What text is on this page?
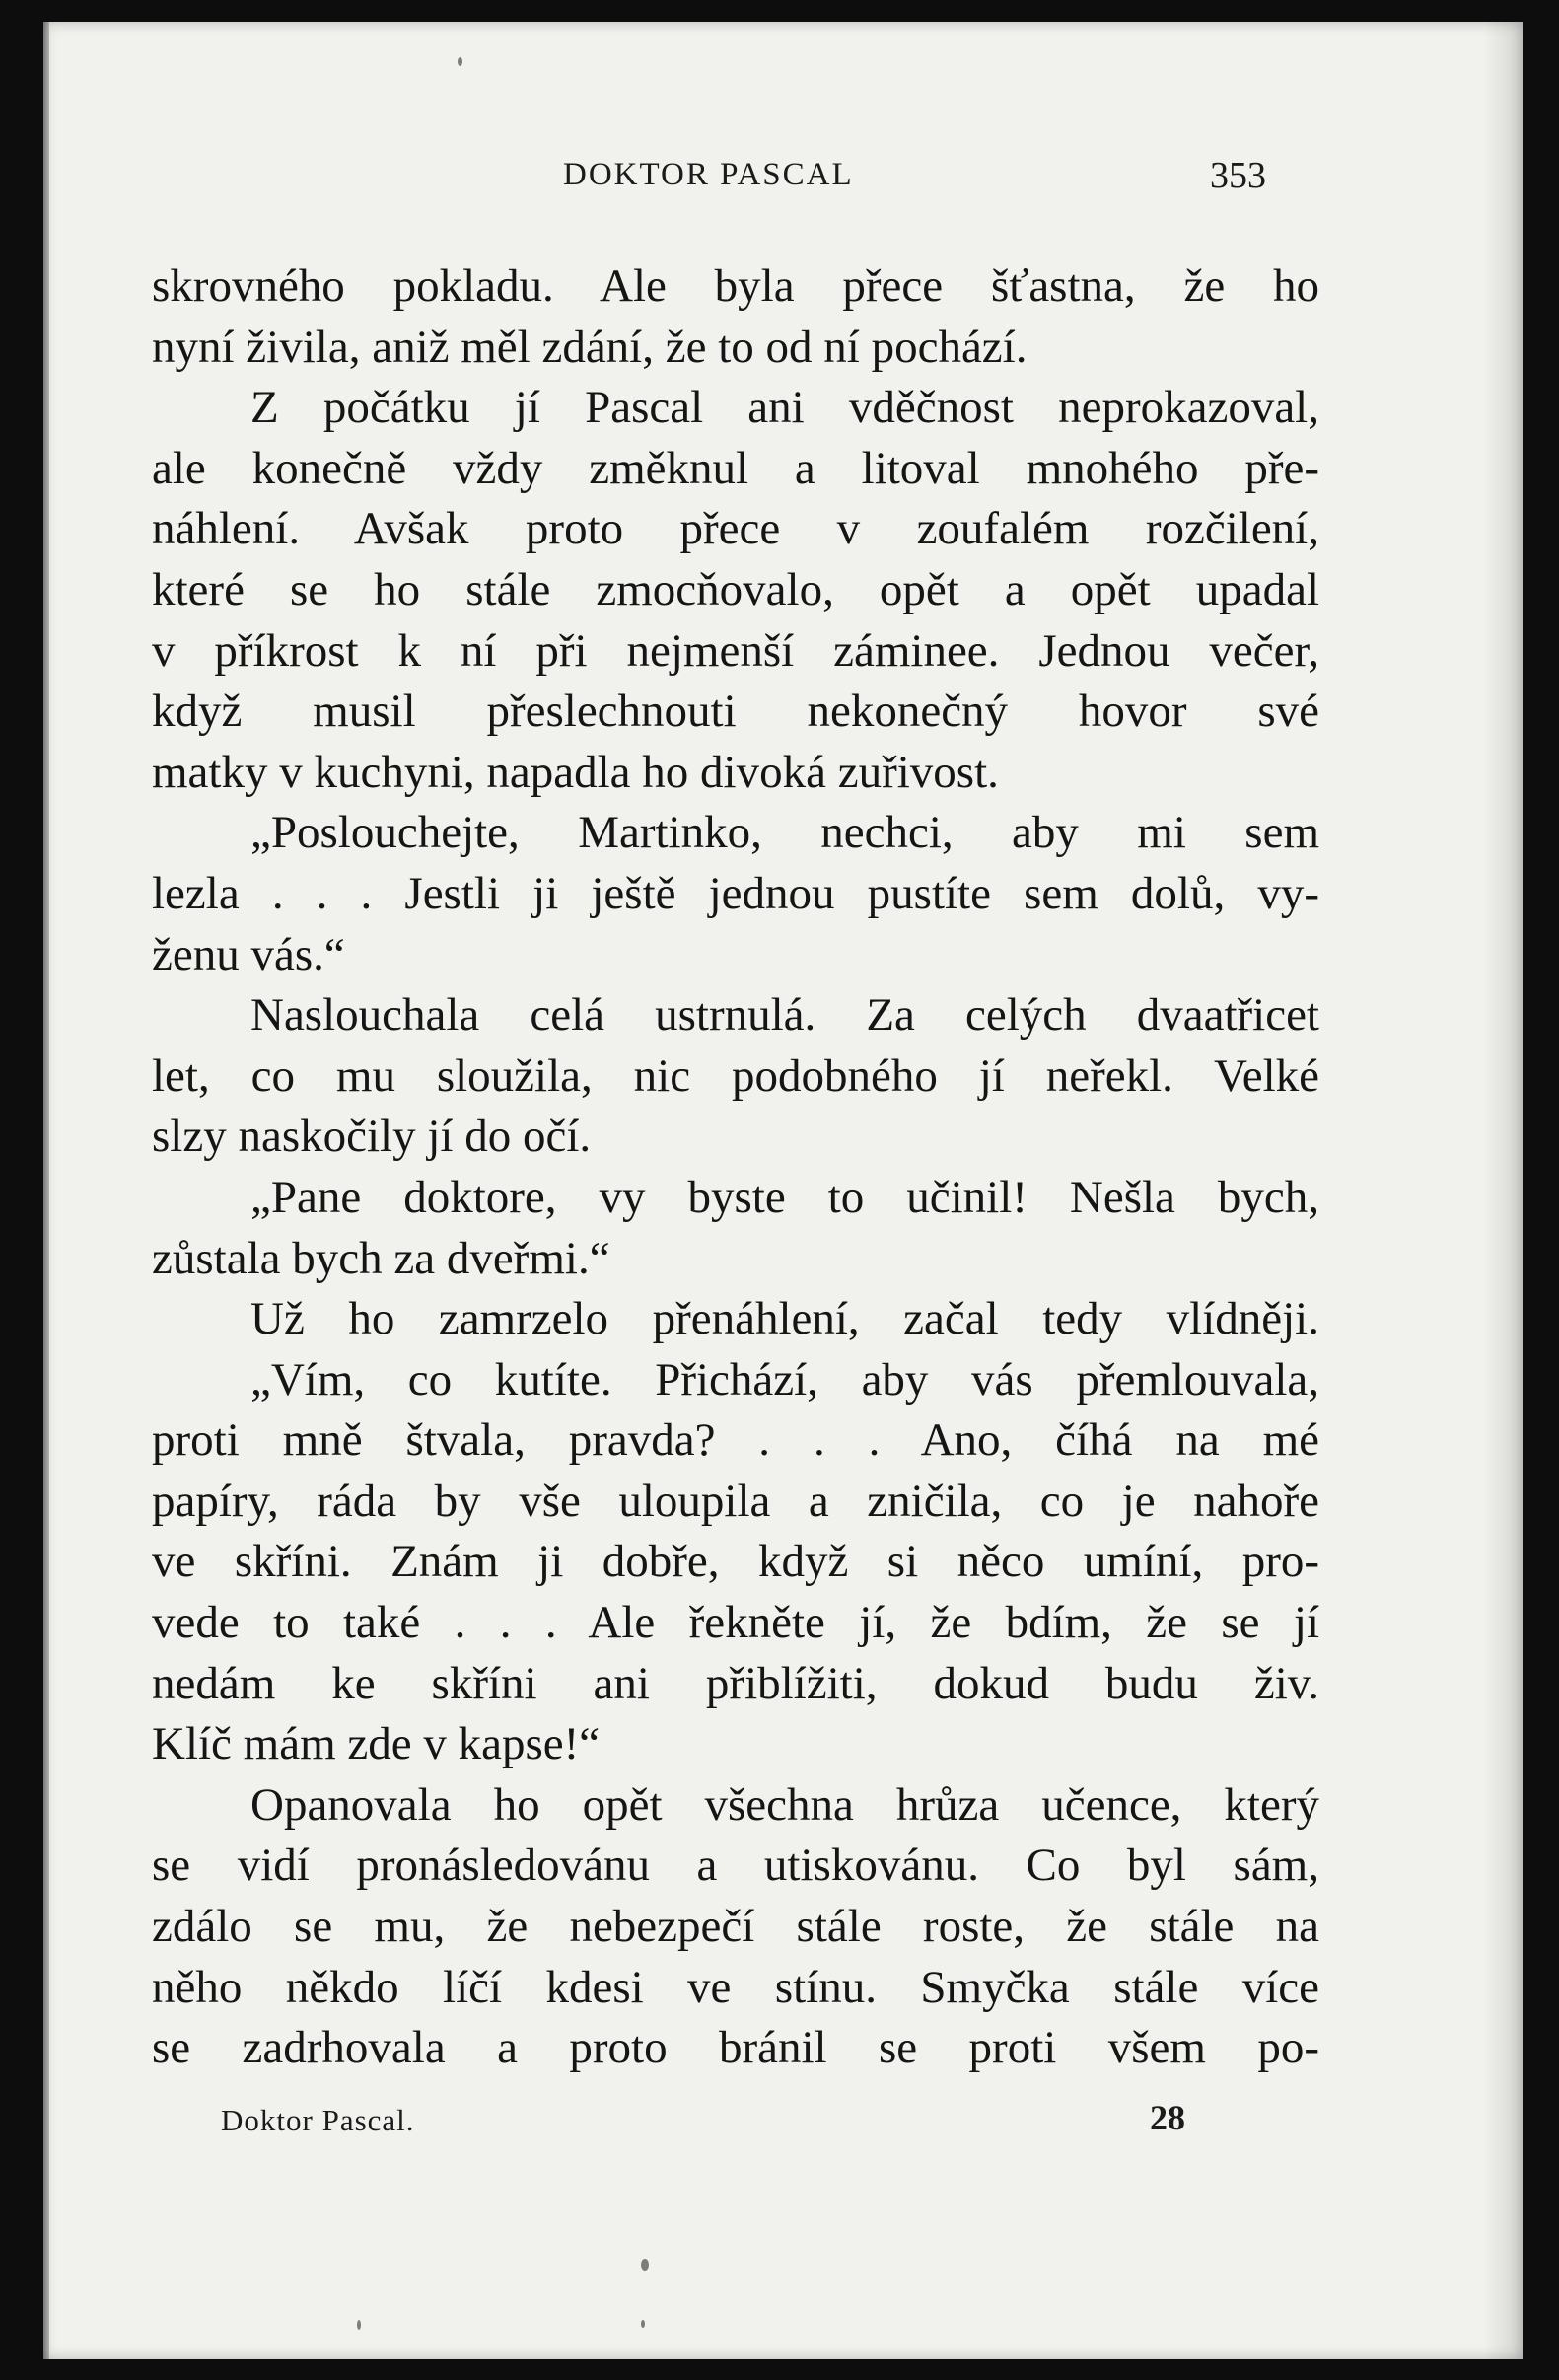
DOKTOR PASCAL	353
skrovného pokladu. Ale byla přece šťastna, že ho
nyní živila, aniž měl zdání, že to od ní pochází.
Z počátku jí Pascal ani vděčnost neprokazoval,
ale konečně vždy změknul a litoval mnohého pře-
náhlení. Avšak proto přece v zoufalém rozčilení,
které se ho stále zmocňovalo, opět a opět upadal
v příkrost k ní při nejmenší záminee. Jednou večer,
když musil přeslechnouti nekonečný hovor své
matky v kuchyni, napadla ho divoká zuřivost.
„Poslouchejte, Martinko, nechci, aby mi sem
lezla . . . Jestli ji ještě jednou pustíte sem dolů, vy-
ženu vás.“
Naslouchala celá ustrnulá. Za celých dvaatřicet
let, co mu sloužila, nic podobného jí neřekl. Velké
slzy naskočily jí do očí.
„Pane doktore, vy byste to učinil! Nešla bych,
zůstala bych za dveřmi.“
Už ho zamrzelo přenáhlení, začal tedy vlídněji.
„Vím, co kutíte. Přichází, aby vás přemlouvala,
proti mně štvala, pravda? . . . Ano, číhá na mé
papíry, ráda by vše uloupila a zničila, co je nahoře
ve skříni. Znám ji dobře, když si něco umíní, pro-
vede to také . . . Ale řekněte jí, že bdím, že se jí
nedám ke skříni ani přiblížiti, dokud budu živ.
Klíč mám zde v kapse!“
Opanovala ho opět všechna hrůza učence, který
se vidí pronásledovánu a utiskovánu. Co byl sám,
zdálo se mu, že nebezpečí stále roste, že stále na
něho někdo líčí kdesi ve stínu. Smyčka stále více
se zadrhovala a proto bránil se proti všem po-
Doktor Pascal.	28
